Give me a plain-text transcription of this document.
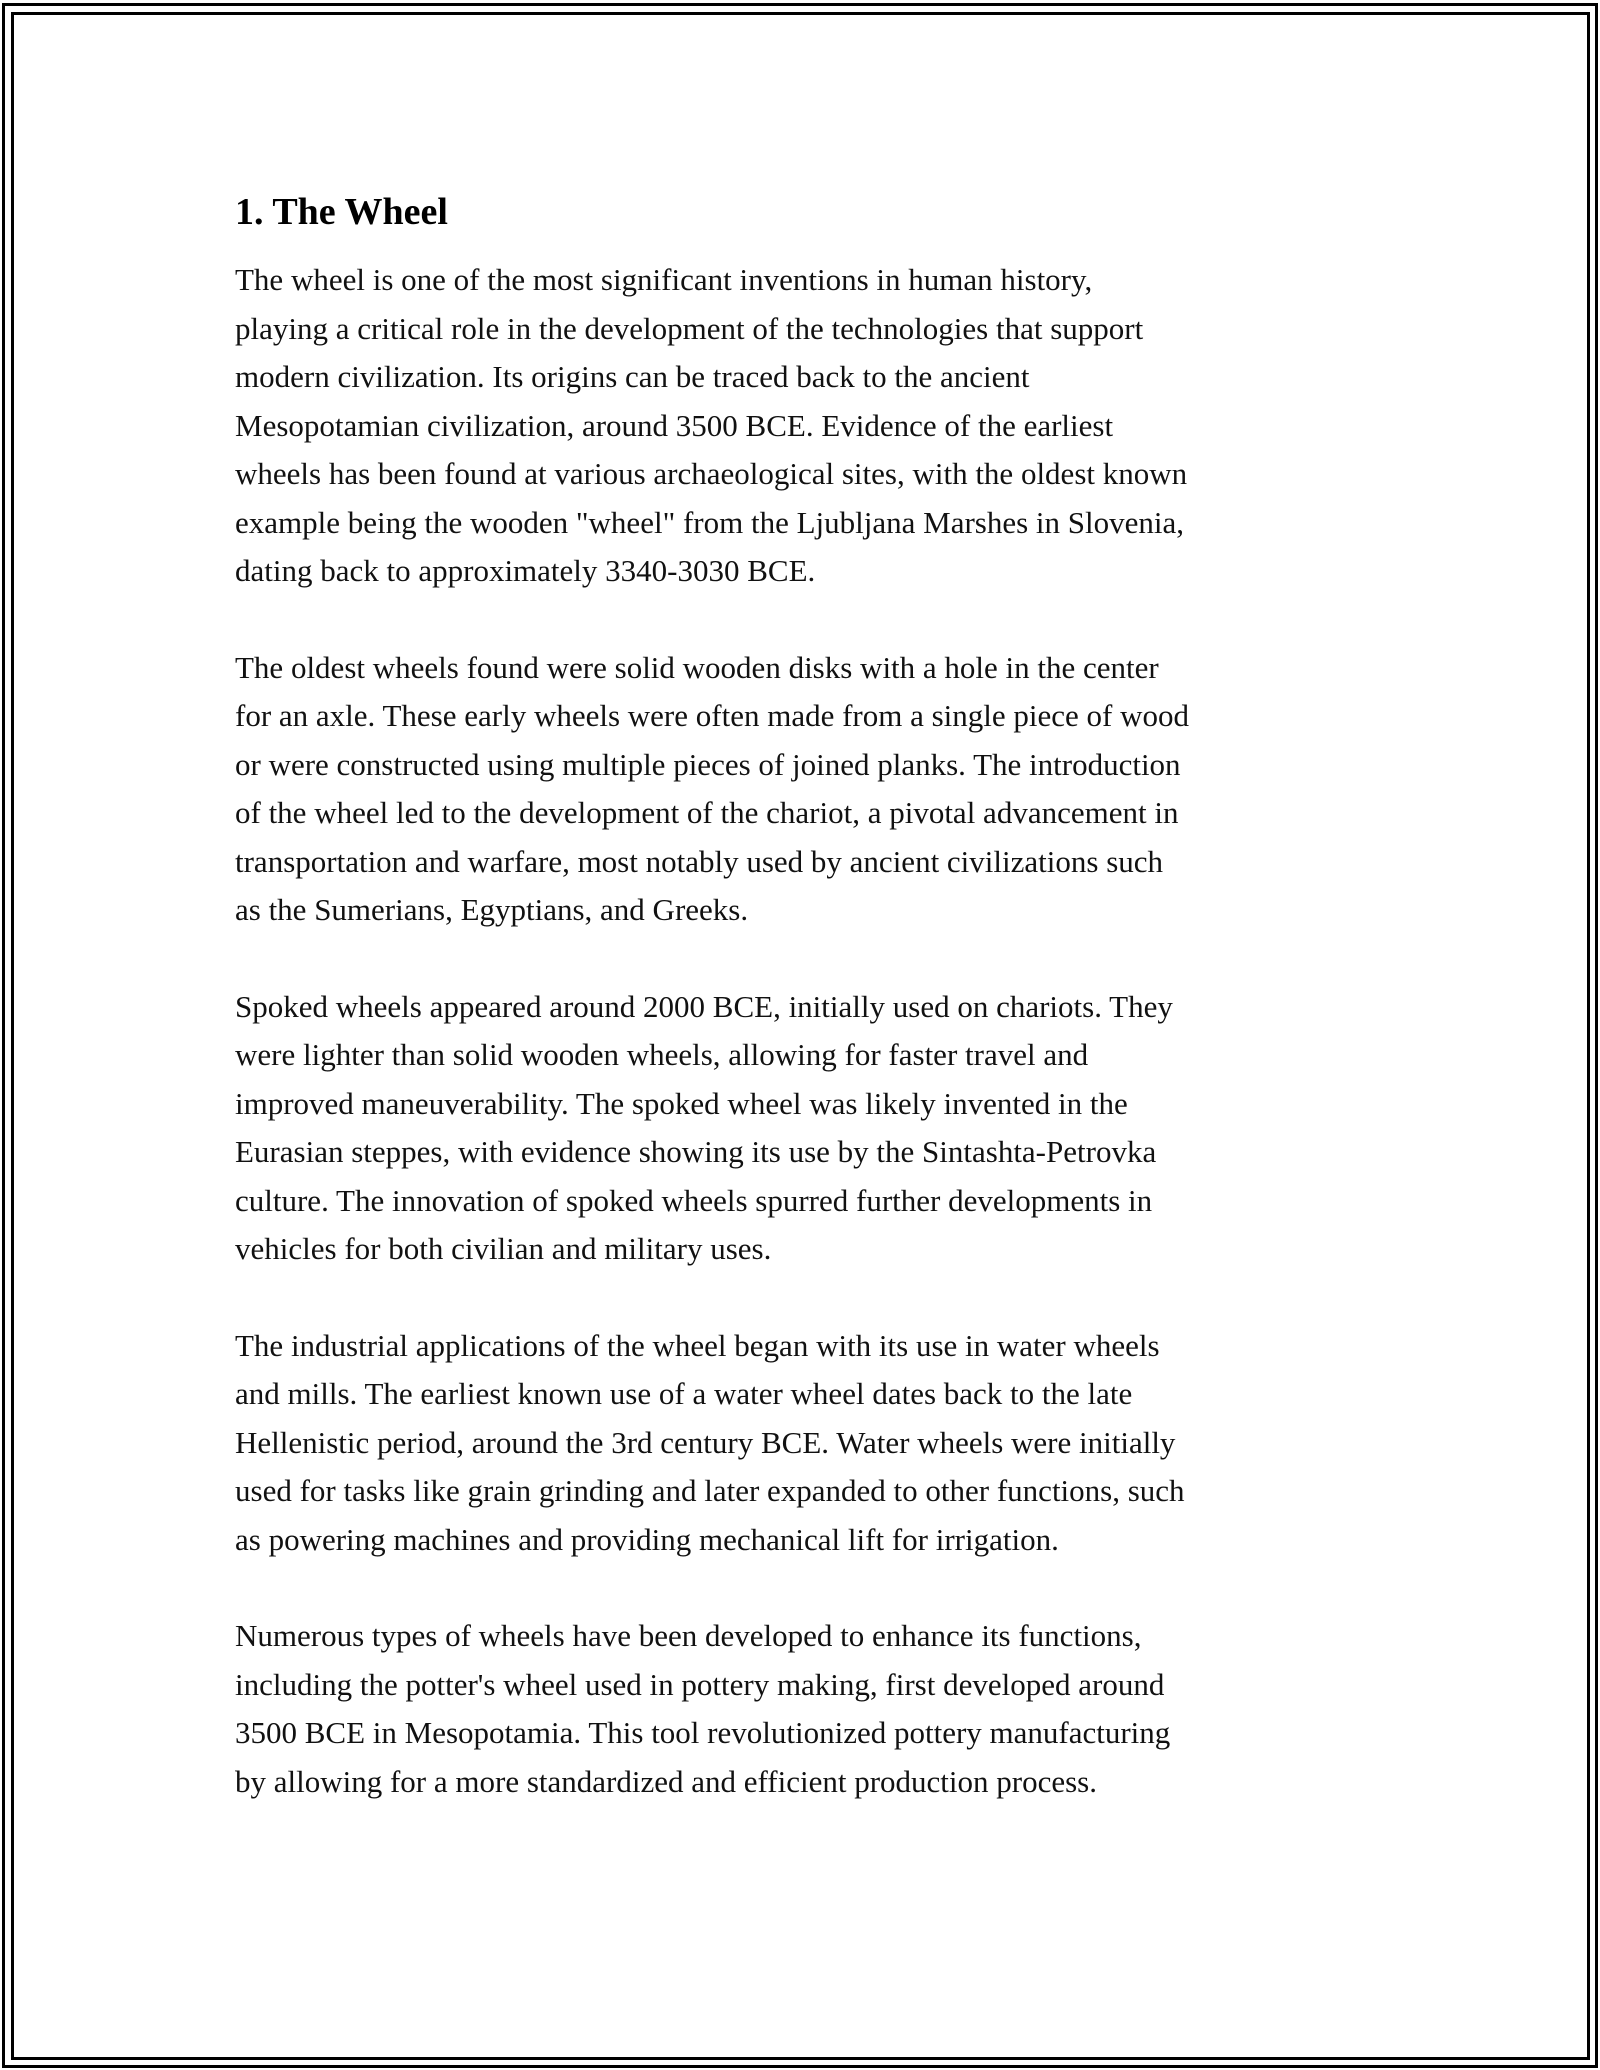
1. The Wheel

The wheel is one of the most significant inventions in human history,
playing a critical role in the development of the technologies that support
modern civilization. Its origins can be traced back to the ancient
Mesopotamian civilization, around 3500 BCE. Evidence of the earliest
wheels has been found at various archaeological sites, with the oldest known
example being the wooden "wheel" from the Ljubljana Marshes in Slovenia,
dating back to approximately 3340-3030 BCE.

The oldest wheels found were solid wooden disks with a hole in the center
for an axle. These early wheels were often made from a single piece of wood
or were constructed using multiple pieces of joined planks. The introduction
of the wheel led to the development of the chariot, a pivotal advancement in
transportation and warfare, most notably used by ancient civilizations such
as the Sumerians, Egyptians, and Greeks.

Spoked wheels appeared around 2000 BCE, initially used on chariots. They
were lighter than solid wooden wheels, allowing for faster travel and
improved maneuverability. The spoked wheel was likely invented in the
Eurasian steppes, with evidence showing its use by the Sintashta-Petrovka
culture. The innovation of spoked wheels spurred further developments in
vehicles for both civilian and military uses.

The industrial applications of the wheel began with its use in water wheels
and mills. The earliest known use of a water wheel dates back to the late
Hellenistic period, around the 3rd century BCE. Water wheels were initially
used for tasks like grain grinding and later expanded to other functions, such
as powering machines and providing mechanical lift for irrigation.

Numerous types of wheels have been developed to enhance its functions,
including the potter's wheel used in pottery making, first developed around
3500 BCE in Mesopotamia. This tool revolutionized pottery manufacturing
by allowing for a more standardized and efficient production process.
